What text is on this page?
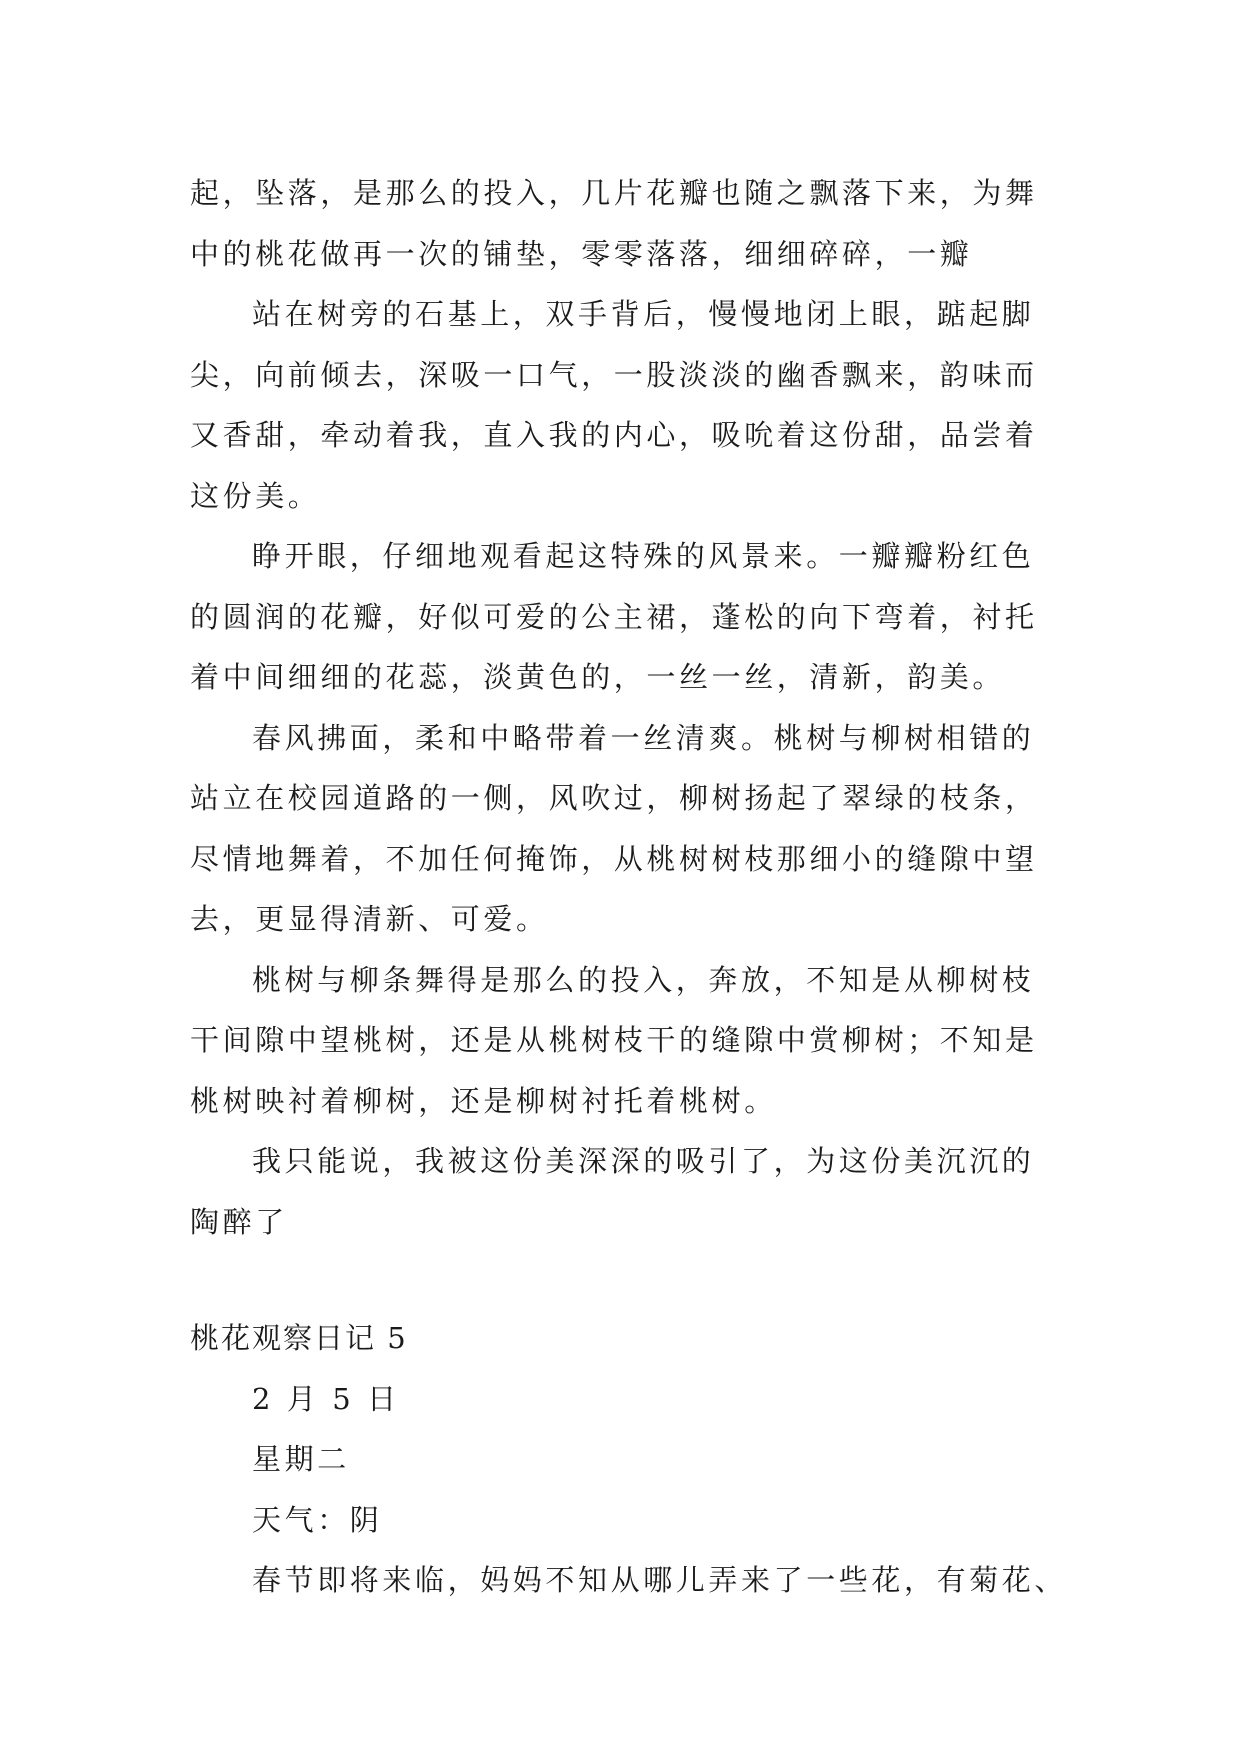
起，坠落，是那么的投入，几片花瓣也随之飘落下来，为舞
中的桃花做再一次的铺垫，零零落落，细细碎碎，一瓣
站在树旁的石基上，双手背后，慢慢地闭上眼，踮起脚
尖，向前倾去，深吸一口气，一股淡淡的幽香飘来，韵味而
又香甜，牵动着我，直入我的内心，吸吮着这份甜，品尝着
这份美。
睁开眼，仔细地观看起这特殊的风景来。一瓣瓣粉红色
的圆润的花瓣，好似可爱的公主裙，蓬松的向下弯着，衬托
着中间细细的花蕊，淡黄色的，一丝一丝，清新，韵美。
春风拂面，柔和中略带着一丝清爽。桃树与柳树相错的
站立在校园道路的一侧，风吹过，柳树扬起了翠绿的枝条，
尽情地舞着，不加任何掩饰，从桃树树枝那细小的缝隙中望
去，更显得清新、可爱。
桃树与柳条舞得是那么的投入，奔放，不知是从柳树枝
干间隙中望桃树，还是从桃树枝干的缝隙中赏柳树；不知是
桃树映衬着柳树，还是柳树衬托着桃树。
我只能说，我被这份美深深的吸引了，为这份美沉沉的
陶醉了
桃花观察日记 5
2 月 5 日
星期二
天气：阴
春节即将来临，妈妈不知从哪儿弄来了一些花，有菊花、
